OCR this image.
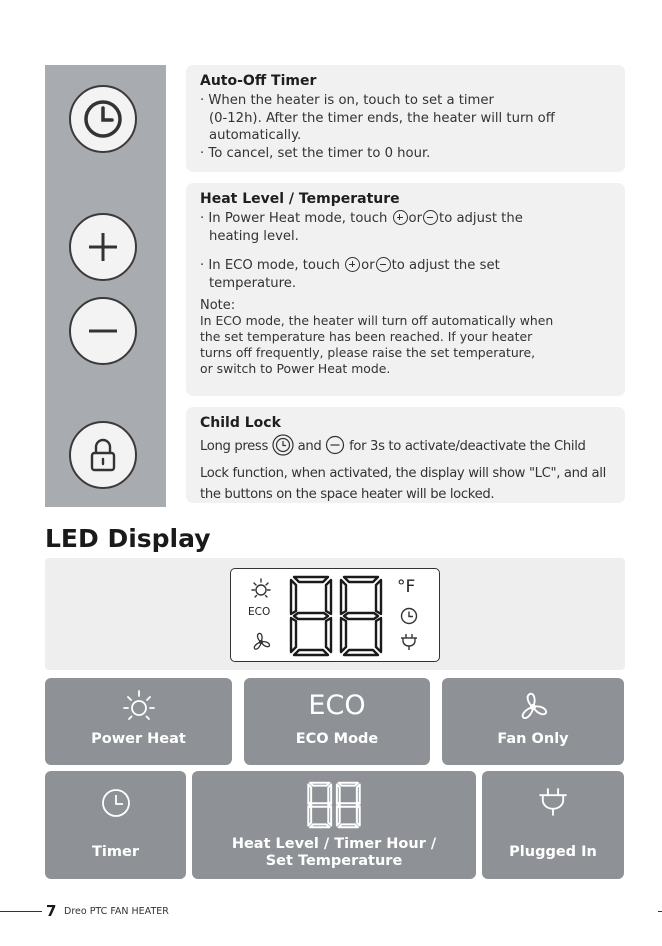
Auto-Off Timer
· When the heater is on, touch to set a timer
(0-12h). After the timer ends, the heater will turn off
automatically.
· To cancel, set the timer to 0 hour.
Heat Level / Temperature
· In Power Heat mode, touch or to adjust the
heating level.
· In ECO mode, touch or to adjust the set
temperature.
Note:
In ECO mode, the heater will turn off automatically when
the set temperature has been reached. If your heater
turns off frequently, please raise the set temperature,
or switch to Power Heat mode.
Child Lock
Long press  and  for 3s to activate/deactivate the Child
Lock function, when activated, the display will show "LC", and all
the buttons on the space heater will be locked.
LED Display
ECO
°F
Power Heat
ECO
ECO Mode	Fan Only
Timer	Heat Level / Timer Hour /
Set Temperature
Plugged In
7 Dreo PTC FAN HEATER
